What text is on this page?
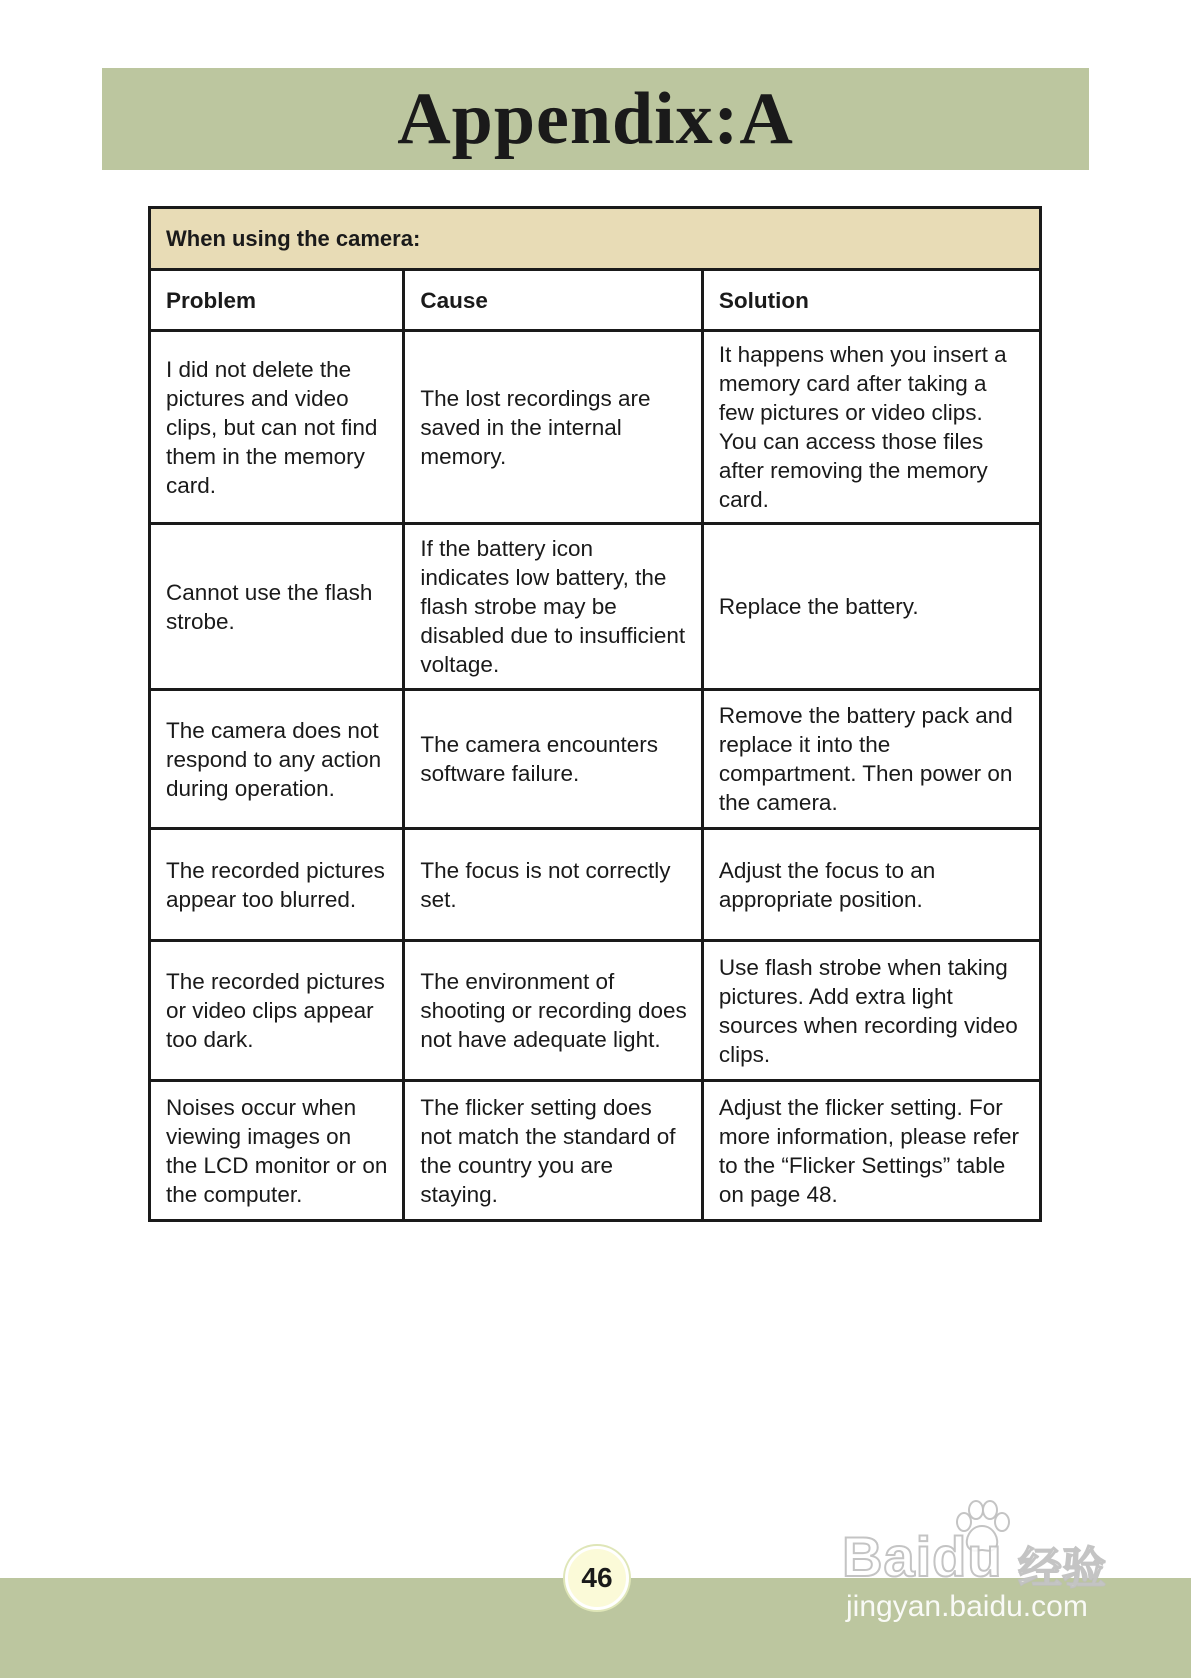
Appendix:A
When using the camera:		
Problem	Cause	Solution
I did not delete the pictures and video clips, but can not find them in the memory card.	The lost recordings are saved in the internal memory.	It happens when you insert a memory card after taking a few pictures or video clips. You can access those files after removing the memory card.
Cannot use the flash strobe.	If the battery icon indicates low battery, the flash strobe may be disabled due to insufficient voltage.	Replace the battery.
The camera does not respond to any action during operation.	The camera encounters software failure.	Remove the battery pack and replace it into the compartment. Then power on the camera.
The recorded pictures appear too blurred.	The focus is not correctly set.	Adjust the focus to an appropriate position.
The recorded pictures or video clips appear too dark.	The environment of shooting or recording does not have adequate light.	Use flash strobe when taking pictures. Add extra light sources when recording video clips.
Noises occur when viewing images on the LCD monitor or on the computer.	The flicker setting does not match the standard of the country you are staying.	Adjust the flicker setting. For more information, please refer to the “Flicker Settings” table on page 48.
46	Baidu 经验
jingyan.baidu.com
